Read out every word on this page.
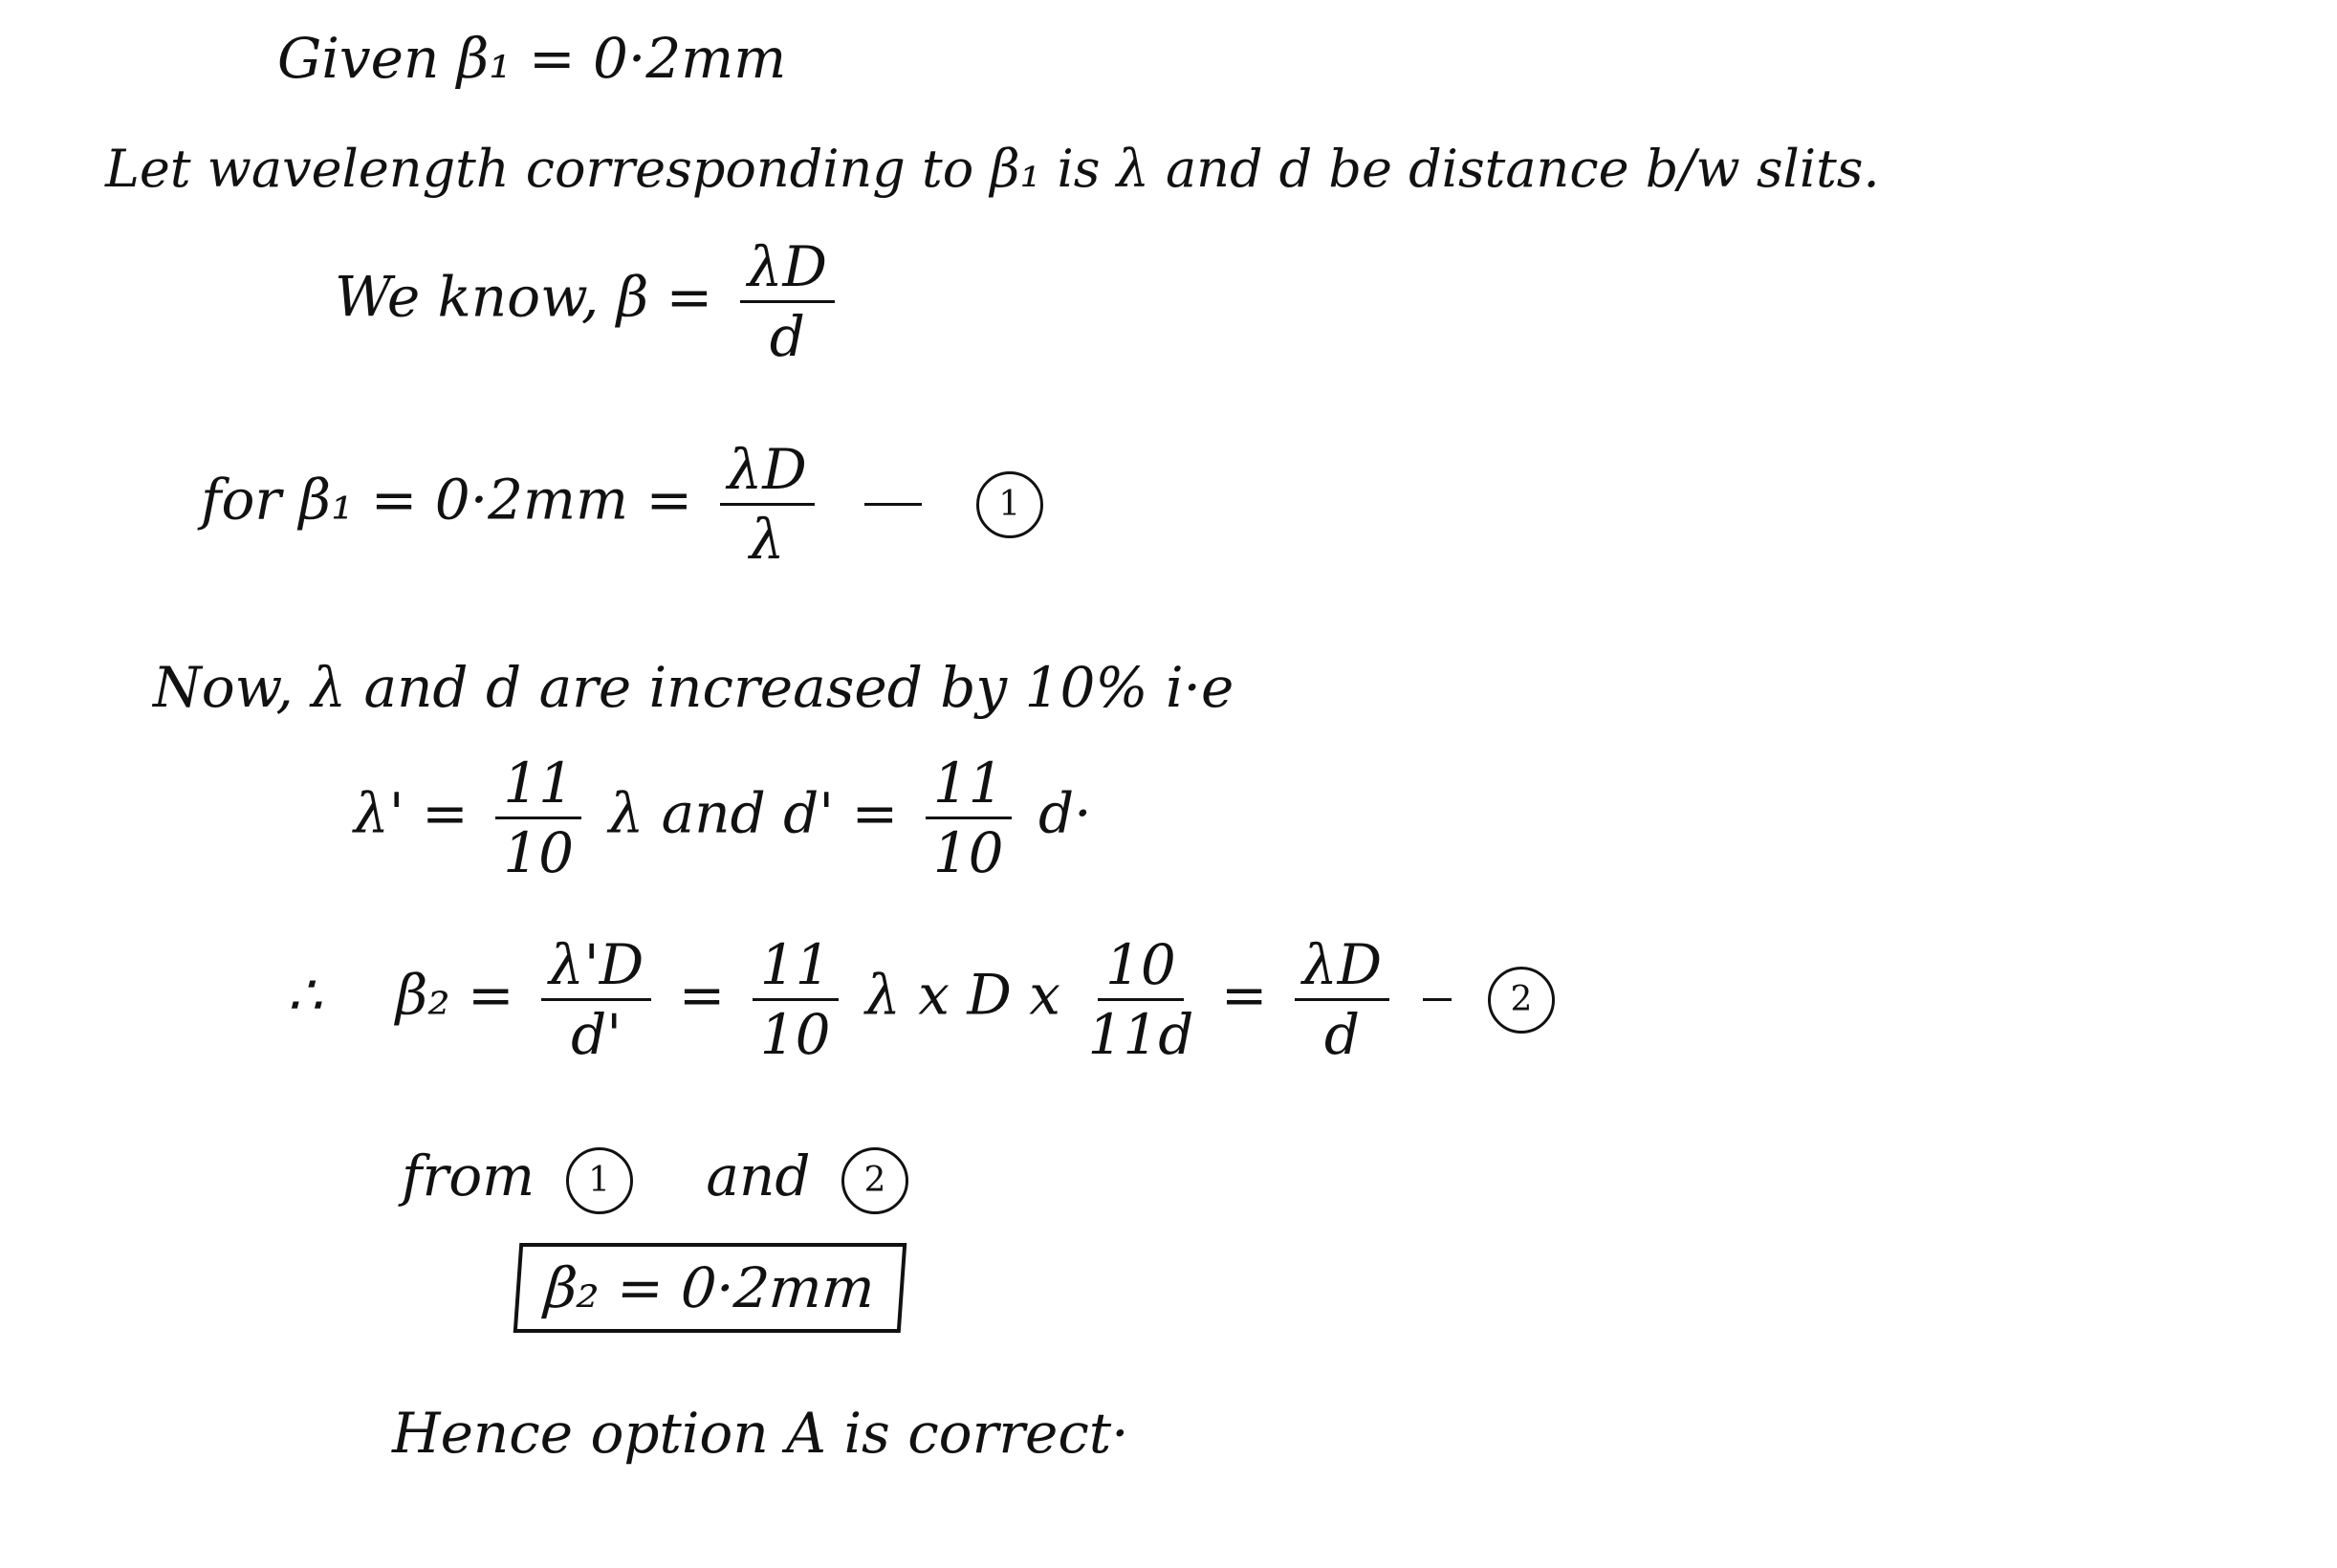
Given β₁ = 0·2mm
Let wavelength corresponding to β₁ is λ and d be distance b/w slits.
We know, $\beta = \frac{\lambda D}{d}$
for $\beta_1 = 0\cdot 2mm = \frac{\lambda D}{\lambda}$	1
Now, λ and d are increased by 10% i·e
$\lambda' = \frac{11}{10}$ λ and $d' = \frac{11}{10} d\cdot$
∴ $\beta_2 = \frac{\lambda'D}{d'} = \frac{11}{10}$ λ x D x $\frac{10}{11d} = \frac{\lambda D}{d}$	2
from 1 and 2
β₂ = 0·2mm
Hence option A is correct·
